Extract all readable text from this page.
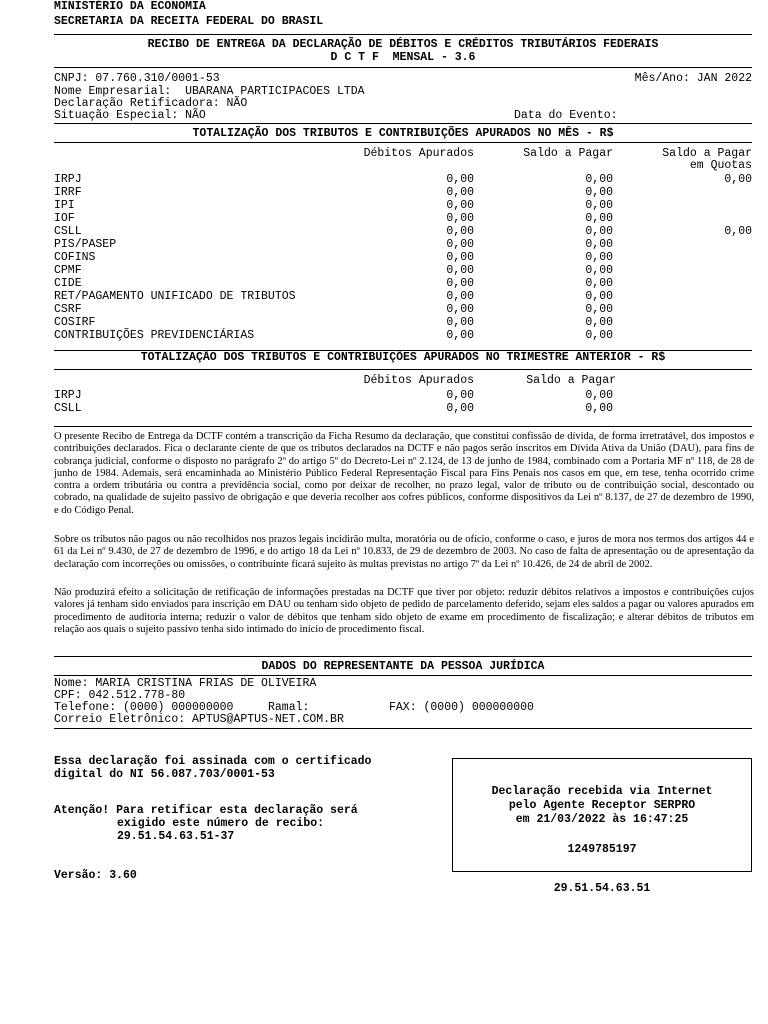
MINISTÉRIO DA ECONOMIA
SECRETARIA DA RECEITA FEDERAL DO BRASIL
RECIBO DE ENTREGA DA DECLARAÇÃO DE DÉBITOS E CRÉDITOS TRIBUTÁRIOS FEDERAIS
D C T F  MENSAL - 3.6
CNPJ: 07.760.310/0001-53	Mês/Ano: JAN 2022
Nome Empresarial:  UBARANA PARTICIPACOES LTDA
Declaração Retificadora: NÃO
Situação Especial: NÃO	Data do Evento:
TOTALIZAÇÃO DOS TRIBUTOS E CONTRIBUIÇÕES APURADOS NO MÊS - R$
Débitos Apurados	Saldo a Pagar	Saldo a Pagar
em Quotas
IRPJ	0,00	0,00	0,00
IRRF	0,00	0,00
IPI	0,00	0,00
IOF	0,00	0,00
CSLL	0,00	0,00	0,00
PIS/PASEP	0,00	0,00
COFINS	0,00	0,00
CPMF	0,00	0,00
CIDE	0,00	0,00
RET/PAGAMENTO UNIFICADO DE TRIBUTOS	0,00	0,00
CSRF	0,00	0,00
COSIRF	0,00	0,00
CONTRIBUIÇÕES PREVIDENCIÁRIAS	0,00	0,00
TOTALIZAÇÃO DOS TRIBUTOS E CONTRIBUIÇÕES APURADOS NO TRIMESTRE ANTERIOR - R$
Débitos Apurados	Saldo a Pagar
IRPJ	0,00	0,00
CSLL	0,00	0,00
O presente Recibo de Entrega da DCTF contém a transcrição da Ficha Resumo da declaração, que constitui confissão de dívida, de forma irretratável, dos impostos e contribuições declarados. Fica o declarante ciente de que os tributos declarados na DCTF e não pagos serão inscritos em Dívida Ativa da União (DAU), para fins de cobrança judicial, conforme o disposto no parágrafo 2º do artigo 5º do Decreto-Lei nº 2.124, de 13 de junho de 1984, combinado com a Portaria MF nº 118, de 28 de junho de 1984. Ademais, será encaminhada ao Ministério Público Federal Representação Fiscal para Fins Penais nos casos em que, em tese, tenha ocorrido crime contra a ordem tributária ou contra a previdência social, como por deixar de recolher, no prazo legal, valor de tributo ou de contribuição social, descontado ou cobrado, na qualidade de sujeito passivo de obrigação e que deveria recolher aos cofres públicos, conforme dispositivos da Lei nº 8.137, de 27 de dezembro de 1990, e do Código Penal.
Sobre os tributos não pagos ou não recolhidos nos prazos legais incidirão multa, moratória ou de ofício, conforme o caso, e juros de mora nos termos dos artigos 44 e 61 da Lei nº 9.430, de 27 de dezembro de 1996, e do artigo 18 da Lei nº 10.833, de 29 de dezembro de 2003. No caso de falta de apresentação ou de apresentação da declaração com incorreções ou omissões, o contribuinte ficará sujeito às multas previstas no artigo 7º da Lei nº 10.426, de 24 de abril de 2002.
Não produzirá efeito a solicitação de retificação de informações prestadas na DCTF que tiver por objeto: reduzir débitos relativos a impostos e contribuições cujos valores já tenham sido enviados para inscrição em DAU ou tenham sido objeto de pedido de parcelamento deferido, sejam eles saldos a pagar ou valores apurados em procedimento de auditoria interna; reduzir o valor de débitos que tenham sido objeto de exame em procedimento de fiscalização; e alterar débitos de tributos em relação aos quais o sujeito passivo tenha sido intimado do início de procedimento fiscal.
DADOS DO REPRESENTANTE DA PESSOA JURÍDICA
Nome: MARIA CRISTINA FRIAS DE OLIVEIRA
CPF: 042.512.778-80
Telefone: (0000) 000000000	Ramal:	FAX: (0000) 000000000
Correio Eletrônico: APTUS@APTUS-NET.COM.BR
Essa declaração foi assinada com o certificado
digital do NI 56.087.703/0001-53
Atenção! Para retificar esta declaração será
exigido este número de recibo:
29.51.54.63.51-37
Versão: 3.60
Declaração recebida via Internet
pelo Agente Receptor SERPRO
em 21/03/2022 às 16:47:25
1249785197
29.51.54.63.51
